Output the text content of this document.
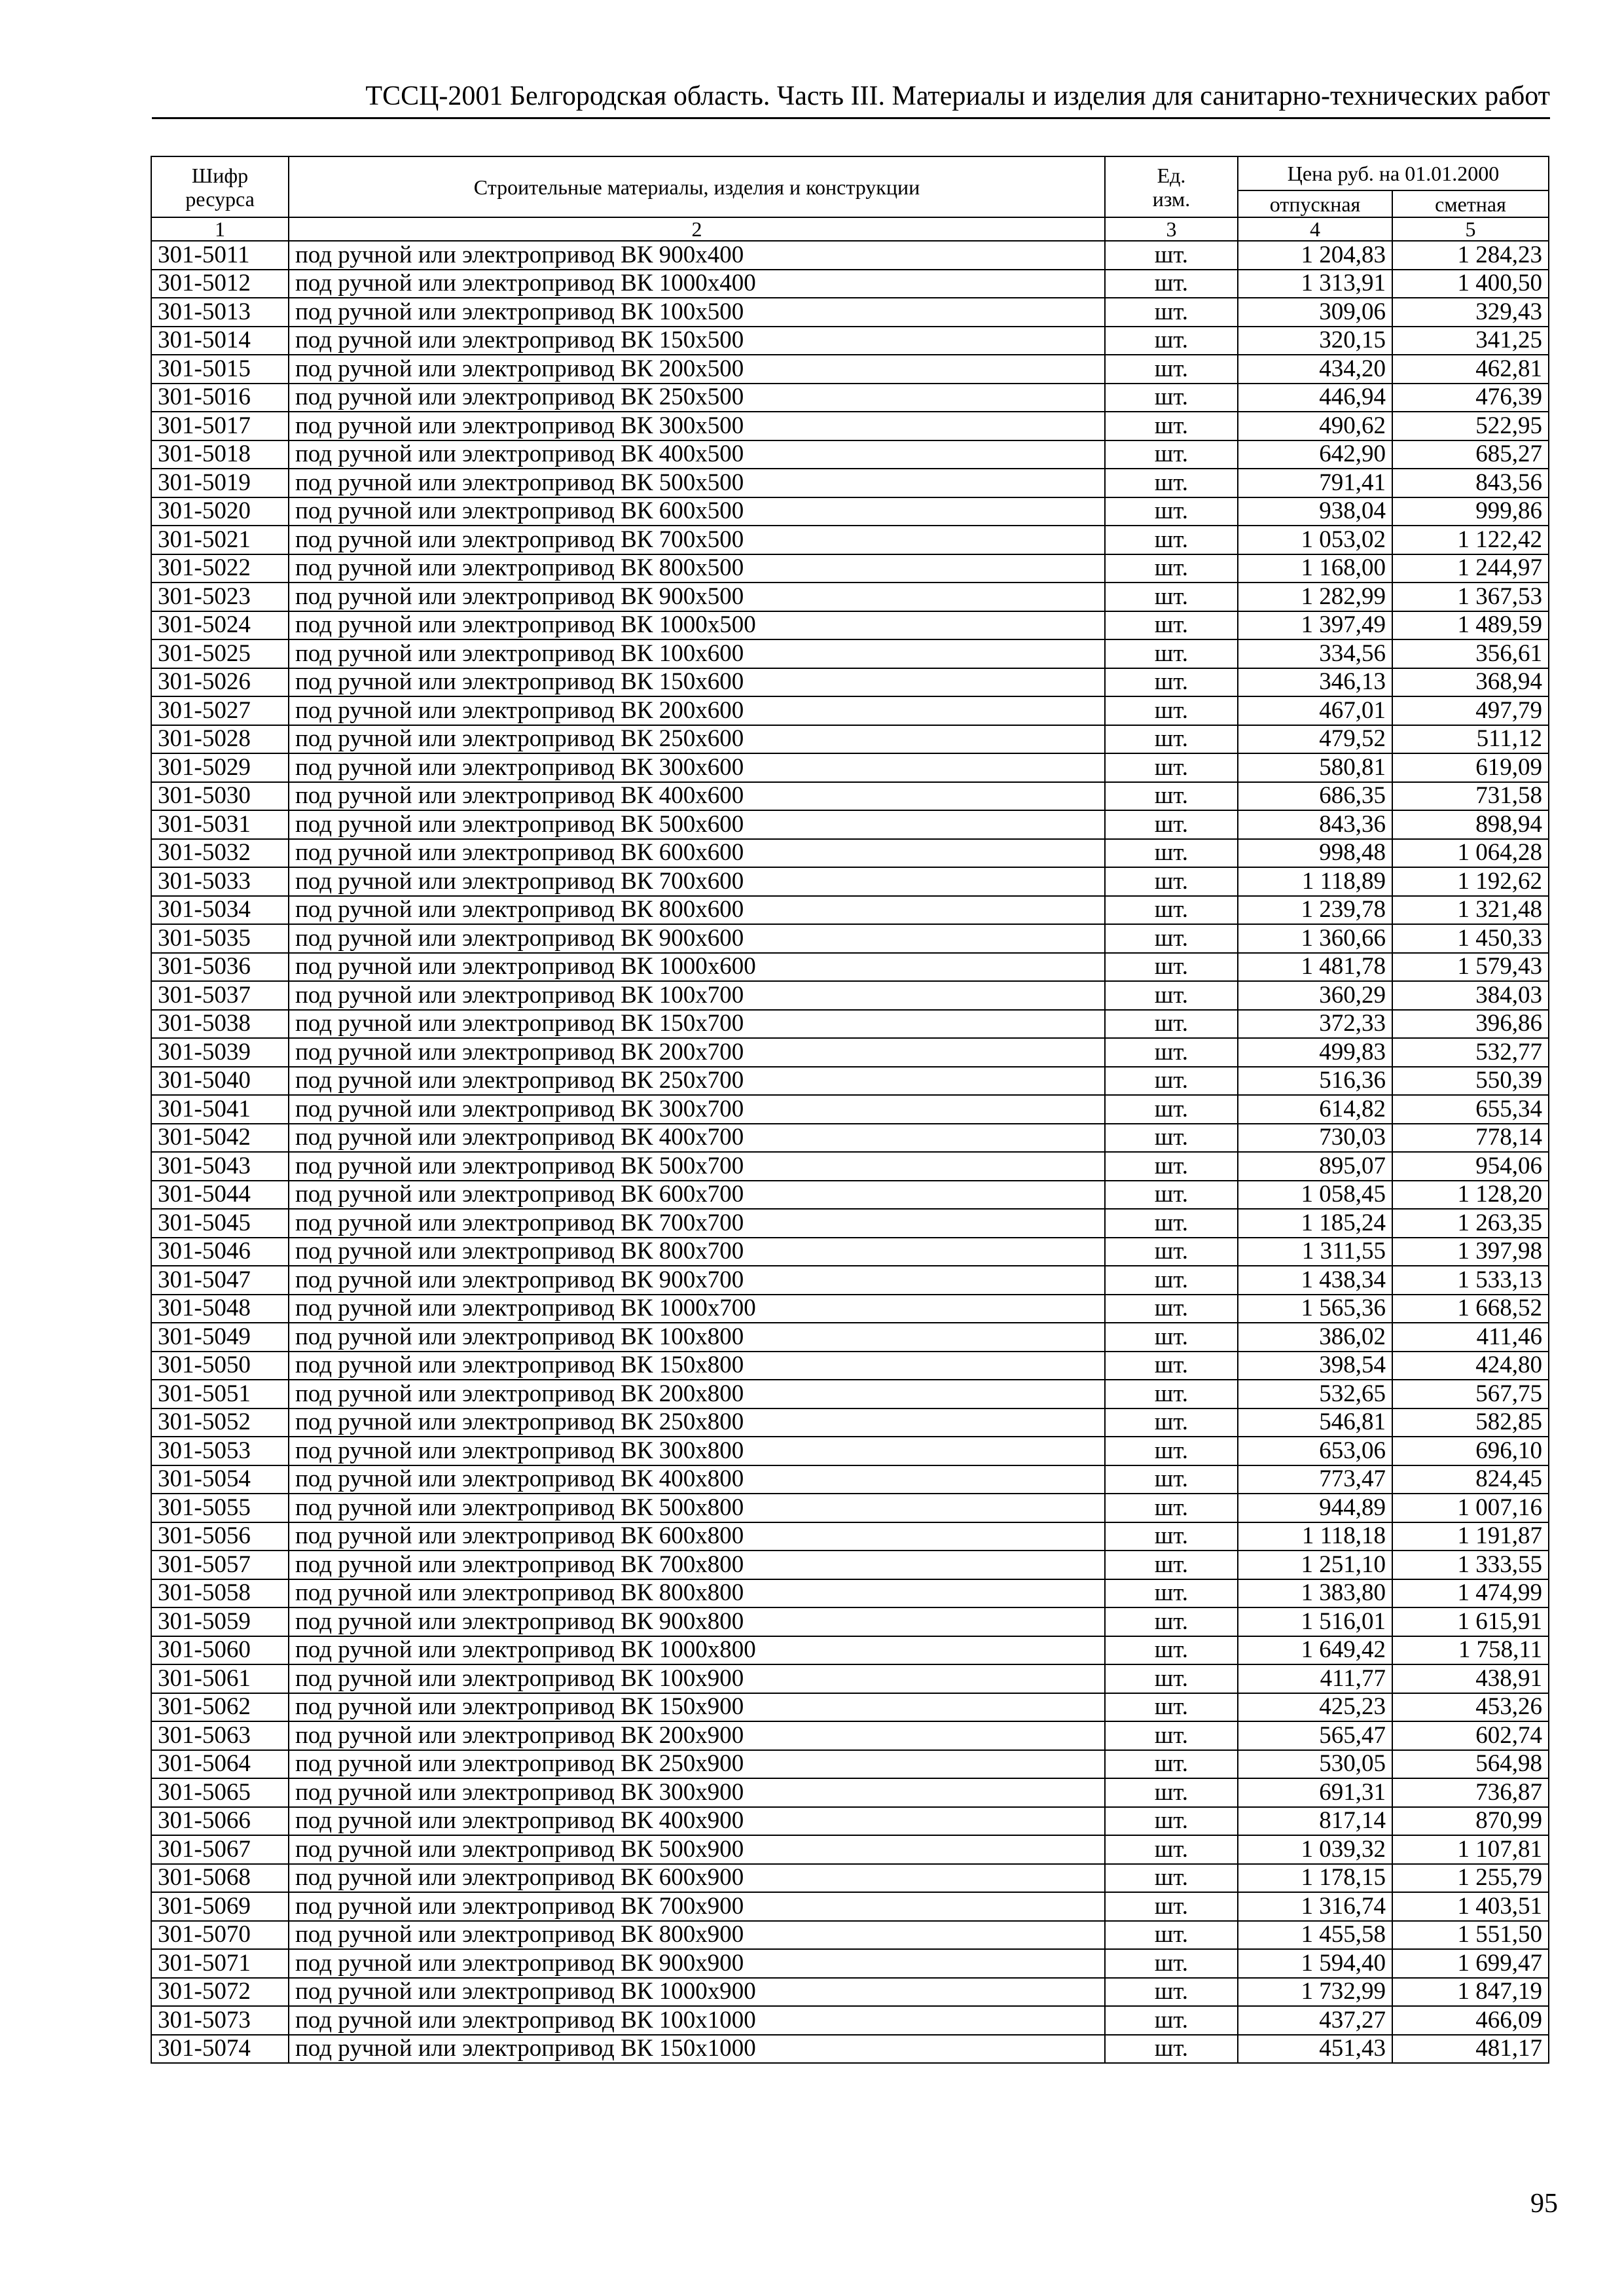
ТССЦ-2001 Белгородская область. Часть III. Материалы и изделия для санитарно-технических работ
Шифр ресурса	Строительные материалы, изделия и конструкции	Ед. изм.	Цена руб. на 01.01.2000	
			отпускная	сметная
1	2	3	4	5
301-5011	под ручной или электропривод ВК 900х400	шт.	1 204,83	1 284,23
301-5012	под ручной или электропривод ВК 1000х400	шт.	1 313,91	1 400,50
301-5013	под ручной или электропривод ВК 100х500	шт.	309,06	329,43
301-5014	под ручной или электропривод ВК 150х500	шт.	320,15	341,25
301-5015	под ручной или электропривод ВК 200х500	шт.	434,20	462,81
301-5016	под ручной или электропривод ВК 250х500	шт.	446,94	476,39
301-5017	под ручной или электропривод ВК 300х500	шт.	490,62	522,95
301-5018	под ручной или электропривод ВК 400х500	шт.	642,90	685,27
301-5019	под ручной или электропривод ВК 500х500	шт.	791,41	843,56
301-5020	под ручной или электропривод ВК 600х500	шт.	938,04	999,86
301-5021	под ручной или электропривод ВК 700х500	шт.	1 053,02	1 122,42
301-5022	под ручной или электропривод ВК 800х500	шт.	1 168,00	1 244,97
301-5023	под ручной или электропривод ВК 900х500	шт.	1 282,99	1 367,53
301-5024	под ручной или электропривод ВК 1000х500	шт.	1 397,49	1 489,59
301-5025	под ручной или электропривод ВК 100х600	шт.	334,56	356,61
301-5026	под ручной или электропривод ВК 150х600	шт.	346,13	368,94
301-5027	под ручной или электропривод ВК 200х600	шт.	467,01	497,79
301-5028	под ручной или электропривод ВК 250х600	шт.	479,52	511,12
301-5029	под ручной или электропривод ВК 300х600	шт.	580,81	619,09
301-5030	под ручной или электропривод ВК 400х600	шт.	686,35	731,58
301-5031	под ручной или электропривод ВК 500х600	шт.	843,36	898,94
301-5032	под ручной или электропривод ВК 600х600	шт.	998,48	1 064,28
301-5033	под ручной или электропривод ВК 700х600	шт.	1 118,89	1 192,62
301-5034	под ручной или электропривод ВК 800х600	шт.	1 239,78	1 321,48
301-5035	под ручной или электропривод ВК 900х600	шт.	1 360,66	1 450,33
301-5036	под ручной или электропривод ВК 1000х600	шт.	1 481,78	1 579,43
301-5037	под ручной или электропривод ВК 100х700	шт.	360,29	384,03
301-5038	под ручной или электропривод ВК 150х700	шт.	372,33	396,86
301-5039	под ручной или электропривод ВК 200х700	шт.	499,83	532,77
301-5040	под ручной или электропривод ВК 250х700	шт.	516,36	550,39
301-5041	под ручной или электропривод ВК 300х700	шт.	614,82	655,34
301-5042	под ручной или электропривод ВК 400х700	шт.	730,03	778,14
301-5043	под ручной или электропривод ВК 500х700	шт.	895,07	954,06
301-5044	под ручной или электропривод ВК 600х700	шт.	1 058,45	1 128,20
301-5045	под ручной или электропривод ВК 700х700	шт.	1 185,24	1 263,35
301-5046	под ручной или электропривод ВК 800х700	шт.	1 311,55	1 397,98
301-5047	под ручной или электропривод ВК 900х700	шт.	1 438,34	1 533,13
301-5048	под ручной или электропривод ВК 1000х700	шт.	1 565,36	1 668,52
301-5049	под ручной или электропривод ВК 100х800	шт.	386,02	411,46
301-5050	под ручной или электропривод ВК 150х800	шт.	398,54	424,80
301-5051	под ручной или электропривод ВК 200х800	шт.	532,65	567,75
301-5052	под ручной или электропривод ВК 250х800	шт.	546,81	582,85
301-5053	под ручной или электропривод ВК 300х800	шт.	653,06	696,10
301-5054	под ручной или электропривод ВК 400х800	шт.	773,47	824,45
301-5055	под ручной или электропривод ВК 500х800	шт.	944,89	1 007,16
301-5056	под ручной или электропривод ВК 600х800	шт.	1 118,18	1 191,87
301-5057	под ручной или электропривод ВК 700х800	шт.	1 251,10	1 333,55
301-5058	под ручной или электропривод ВК 800х800	шт.	1 383,80	1 474,99
301-5059	под ручной или электропривод ВК 900х800	шт.	1 516,01	1 615,91
301-5060	под ручной или электропривод ВК 1000х800	шт.	1 649,42	1 758,11
301-5061	под ручной или электропривод ВК 100х900	шт.	411,77	438,91
301-5062	под ручной или электропривод ВК 150х900	шт.	425,23	453,26
301-5063	под ручной или электропривод ВК 200х900	шт.	565,47	602,74
301-5064	под ручной или электропривод ВК 250х900	шт.	530,05	564,98
301-5065	под ручной или электропривод ВК 300х900	шт.	691,31	736,87
301-5066	под ручной или электропривод ВК 400х900	шт.	817,14	870,99
301-5067	под ручной или электропривод ВК 500х900	шт.	1 039,32	1 107,81
301-5068	под ручной или электропривод ВК 600х900	шт.	1 178,15	1 255,79
301-5069	под ручной или электропривод ВК 700х900	шт.	1 316,74	1 403,51
301-5070	под ручной или электропривод ВК 800х900	шт.	1 455,58	1 551,50
301-5071	под ручной или электропривод ВК 900х900	шт.	1 594,40	1 699,47
301-5072	под ручной или электропривод ВК 1000х900	шт.	1 732,99	1 847,19
301-5073	под ручной или электропривод ВК 100х1000	шт.	437,27	466,09
301-5074	под ручной или электропривод ВК 150х1000	шт.	451,43	481,17
95
